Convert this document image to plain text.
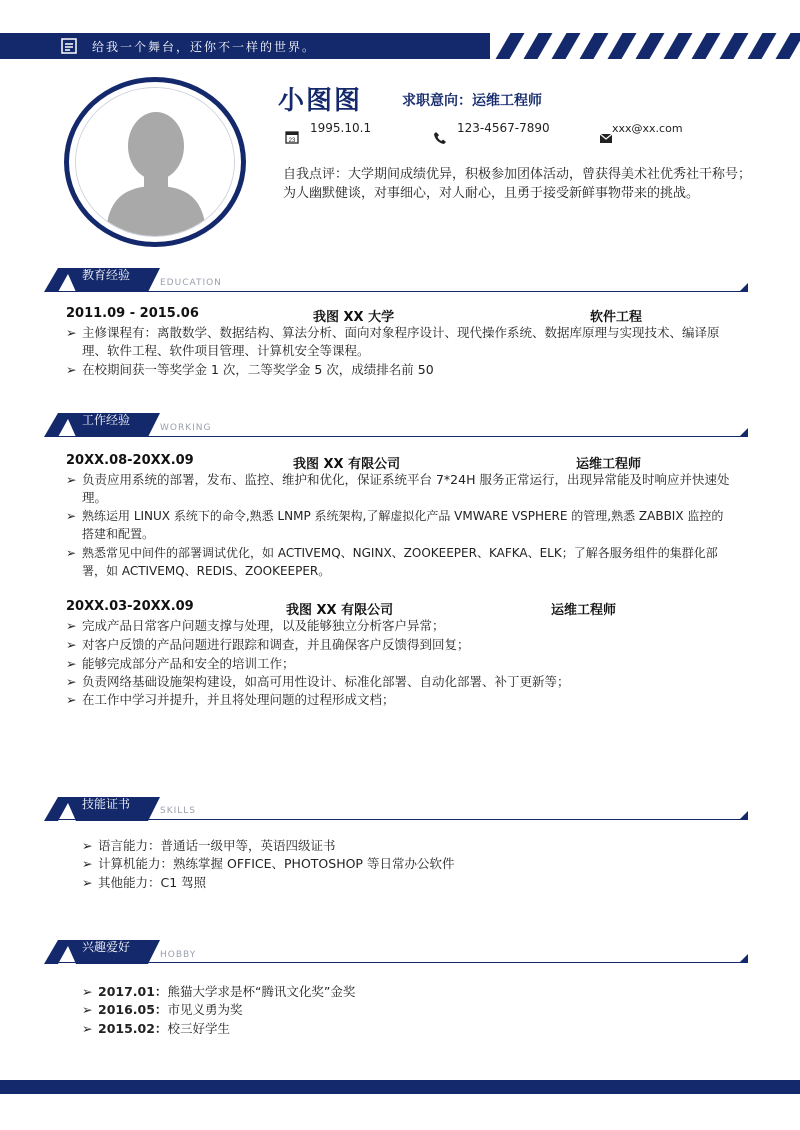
给我一个舞台，还你不一样的世界。
小图图	求职意向：运维工程师
23
1995.10.1	123-4567-7890	xxx@xx.com
自我点评：大学期间成绩优异，积极参加团体活动，曾获得美术社优秀社干称号；为人幽默健谈，对事细心，对人耐心，且勇于接受新鲜事物带来的挑战。
教育经验
EDUCATION
2011.09 - 2015.06	我图 XX 大学	软件工程
➢ 主修课程有：离散数学、数据结构、算法分析、面向对象程序设计、现代操作系统、数据库原理与实现技术、编译原理、软件工程、软件项目管理、计算机安全等课程。
➢ 在校期间获一等奖学金 1 次，二等奖学金 5 次，成绩排名前 50
工作经验
WORKING
20XX.08-20XX.09	我图 XX 有限公司	运维工程师
➢ 负责应用系统的部署，发布、监控、维护和优化，保证系统平台 7*24H 服务正常运行，出现异常能及时响应并快速处理。
➢ 熟练运用 LINUX 系统下的命令,熟悉 LNMP 系统架构,了解虚拟化产品 VMWARE VSPHERE 的管理,熟悉 ZABBIX 监控的搭建和配置。
➢ 熟悉常见中间件的部署调试优化，如 ACTIVEMQ、NGINX、ZOOKEEPER、KAFKA、ELK；了解各服务组件的集群化部署，如 ACTIVEMQ、REDIS、ZOOKEEPER。
20XX.03-20XX.09	我图 XX 有限公司	运维工程师
➢ 完成产品日常客户问题支撑与处理，以及能够独立分析客户异常；
➢ 对客户反馈的产品问题进行跟踪和调查，并且确保客户反馈得到回复；
➢ 能够完成部分产品和安全的培训工作；
➢ 负责网络基础设施架构建设，如高可用性设计、标准化部署、自动化部署、补丁更新等；
➢ 在工作中学习并提升，并且将处理问题的过程形成文档；
技能证书	SKILLS
➢ 语言能力：普通话一级甲等，英语四级证书
➢ 计算机能力：熟练掌握 OFFICE、PHOTOSHOP 等日常办公软件
➢ 其他能力：C1 驾照
兴趣爱好
HOBBY
➢ 2017.01：熊猫大学求是杯“腾讯文化奖”金奖
➢ 2016.05：市见义勇为奖
➢ 2015.02：校三好学生
